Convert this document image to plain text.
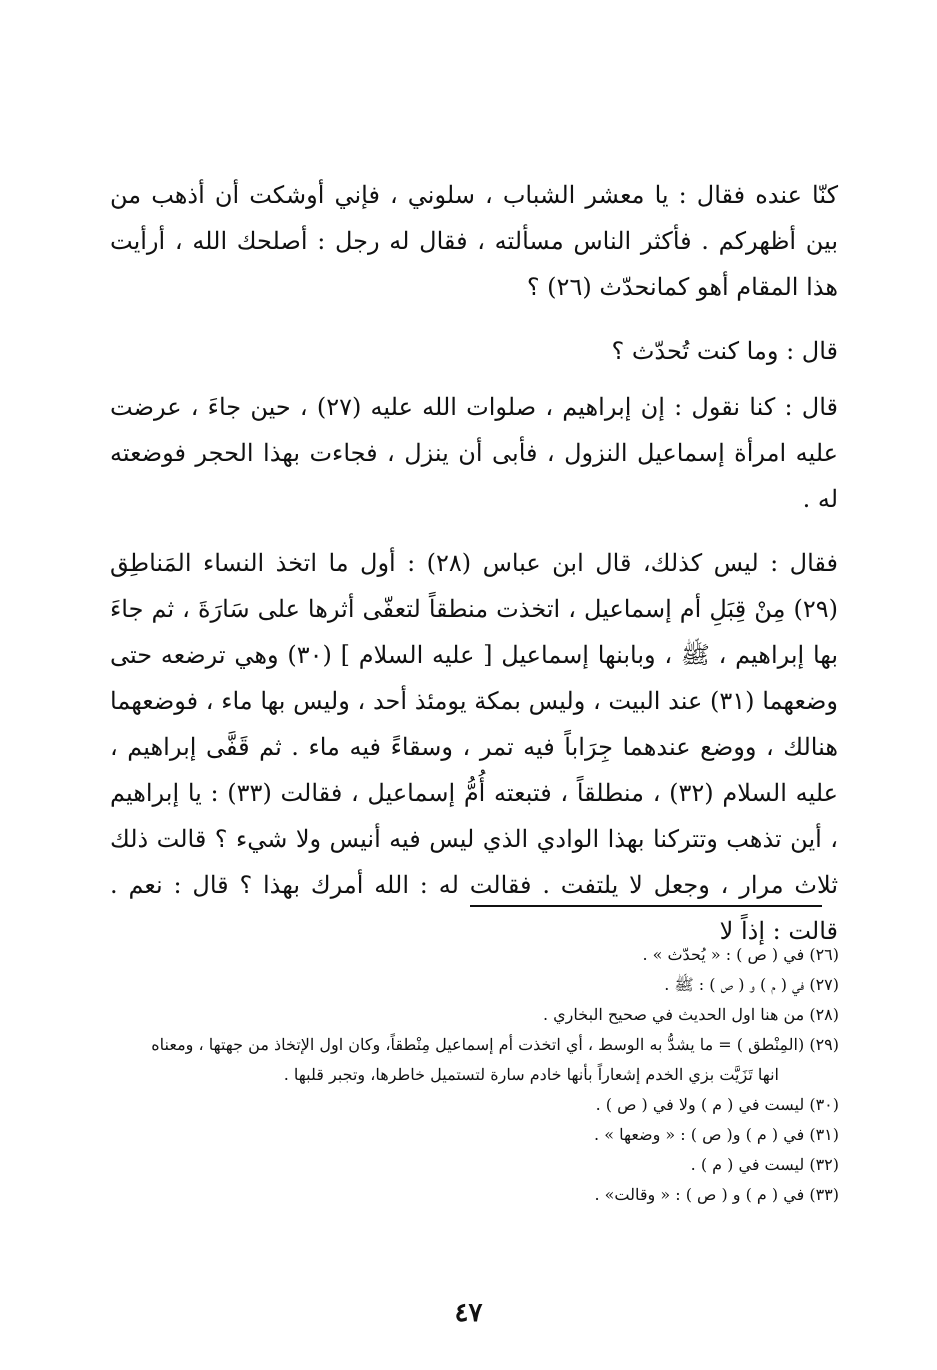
كنّا عنده فقال : يا معشر الشباب ، سلوني ، فإني أوشكت أن أذهب من بين أظهركم . فأكثر الناس مسألته ، فقال له رجل : أصلحك الله ، أرأيت هذا المقام أهو كمانحدّث (٢٦) ؟

قال : وما كنت تُحدّث ؟

قال : كنا نقول : إن إبراهيم ، صلوات الله عليه (٢٧) ، حين جاءَ ، عرضت عليه امرأة إسماعيل النزول ، فأبى أن ينزل ، فجاءت بهذا الحجر فوضعته له .

فقال : ليس كذلك، قال ابن عباس (٢٨) : أول ما اتخذ النساء المَناطِق (٢٩) مِنْ قِبَلِ أم إسماعيل ، اتخذت منطقاً لتعفّى أثرها على سَارَةَ ، ثم جاءَ بها إبراهيم ، ﷺ ، وبابنها إسماعيل [ عليه السلام ] (٣٠) وهي ترضعه حتى وضعهما (٣١) عند البيت ، وليس بمكة يومئذ أحد ، وليس بها ماء ، فوضعهما هنالك ، ووضع عندهما جِرَاباً فيه تمر ، وسقاءً فيه ماء . ثم قَفَّى إبراهيم ، عليه السلام (٣٢) ، منطلقاً ، فتبعته أُمُّ إسماعيل ، فقالت (٣٣) : يا إبراهيم ، أين تذهب وتتركنا بهذا الوادي الذي ليس فيه أنيس ولا شيء ؟ قالت ذلك ثلاث مرار ، وجعل لا يلتفت . فقالت له : الله أمرك بهذا ؟ قال : نعم . قالت : إذاً لا

(٢٦) في ( ص ) : « يُحدّث » .

(٢٧) في ( م ) و ( ص ) : ﷺ .

(٢٨) من هنا اول الحديث في صحيح البخاري .

(٢٩) (المِنْطق ) = ما يشدُّ به الوسط ، أي اتخذت أم إسماعيل مِنْطقاً، وكان اول الإتخاذ من جهتها ، ومعناه

انها تَزَيَّت بزي الخدم إشعاراً بأنها خادم سارة لتستميل خاطرها، وتجبر قلبها .

(٣٠) ليست في ( م ) ولا في ( ص ) .

(٣١) في ( م ) و( ص ) : « وضعها » .

(٣٢) ليست في ( م ) .

(٣٣) في ( م ) و ( ص ) : « وقالت» .

٤٧
